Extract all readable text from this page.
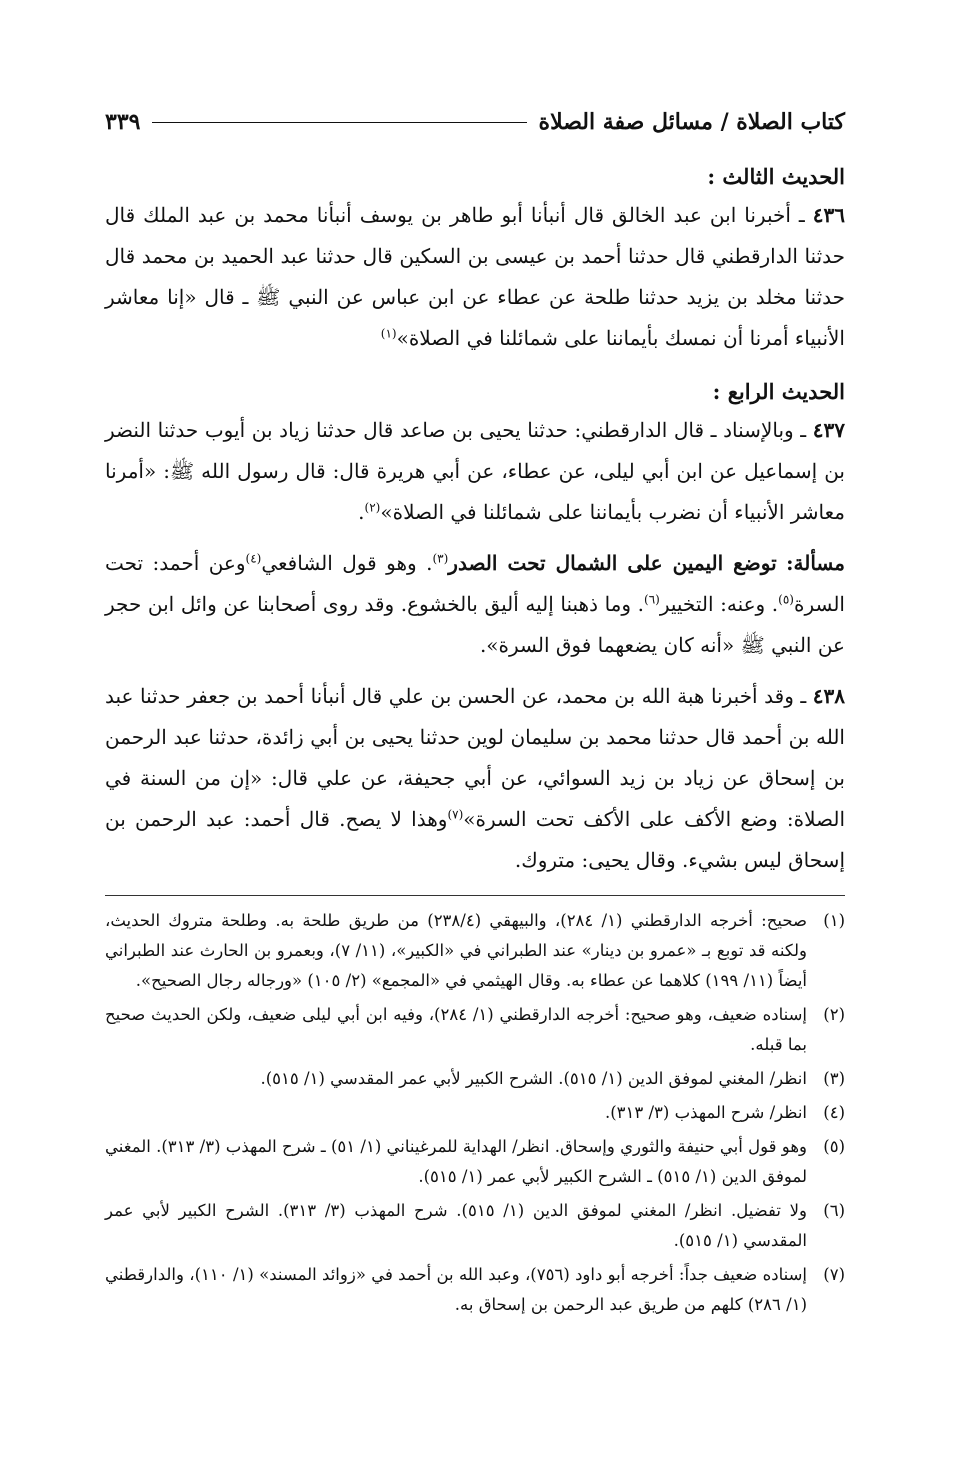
كتاب الصلاة / مسائل صفة الصلاة
٣٣٩
الحديث الثالث :

٤٣٦ ـ أخبرنا ابن عبد الخالق قال أنبأنا أبو طاهر بن يوسف أنبأنا محمد بن عبد الملك قال حدثنا الدارقطني قال حدثنا أحمد بن عيسى بن السكين قال حدثنا عبد الحميد بن محمد قال حدثنا مخلد بن يزيد حدثنا طلحة عن عطاء عن ابن عباس عن النبي ﷺ ـ قال «إنا معاشر الأنبياء أمرنا أن نمسك بأيماننا على شمائلنا في الصلاة»$^{(١)}$

الحديث الرابع :

٤٣٧ ـ وبالإسناد ـ قال الدارقطني: حدثنا يحيى بن صاعد قال حدثنا زياد بن أيوب حدثنا النضر بن إسماعيل عن ابن أبي ليلى، عن عطاء، عن أبي هريرة قال: قال رسول الله ﷺ: «أمرنا معاشر الأنبياء أن نضرب بأيماننا على شمائلنا في الصلاة»$^{(٢)}$.

مسألة: توضع اليمين على الشمال تحت الصدر$^{(٣)}$. وهو قول الشافعي$^{(٤)}$وعن أحمد: تحت السرة$^{(٥)}$. وعنه: التخيير$^{(٦)}$. وما ذهبنا إليه أليق بالخشوع. وقد روى أصحابنا عن وائل ابن حجر عن النبي ﷺ «أنه كان يضعهما فوق السرة».

٤٣٨ ـ وقد أخبرنا هبة الله بن محمد، عن الحسن بن علي قال أنبأنا أحمد بن جعفر حدثنا عبد الله بن أحمد قال حدثنا محمد بن سليمان لوين حدثنا يحيى بن أبي زائدة، حدثنا عبد الرحمن بن إسحاق عن زياد بن زيد السوائي، عن أبي جحيفة، عن علي قال: «إن من السنة في الصلاة: وضع الأكف على الأكف تحت السرة»$^{(٧)}$وهذا لا يصح. قال أحمد: عبد الرحمن بن إسحاق ليس بشيء. وقال يحيى: متروك.

(١)
صحيح: أخرجه الدارقطني (١/ ٢٨٤)، والبيهقي (٢٣٨/٤) من طريق طلحة به. وطلحة متروك الحديث، ولكنه قد توبع بـ «عمرو بن دينار» عند الطبراني في «الكبير»، (١١/ ٧)، وبعمرو بن الحارث عند الطبراني أيضاً (١١/ ١٩٩) كلاهما عن عطاء به. وقال الهيثمي في «المجمع» (٢/ ١٠٥) «ورجاله رجال الصحيح».
(٢)
إسناده ضعيف، وهو صحيح: أخرجه الدارقطني (١/ ٢٨٤)، وفيه ابن أبي ليلى ضعيف، ولكن الحديث صحيح بما قبله.
(٣)
انظر/ المغني لموفق الدين (١/ ٥١٥). الشرح الكبير لأبي عمر المقدسي (١/ ٥١٥).
(٤)
انظر/ شرح المهذب (٣/ ٣١٣).
(٥)
وهو قول أبي حنيفة والثوري وإسحاق. انظر/ الهداية للمرغيناني (١/ ٥١) ـ شرح المهذب (٣/ ٣١٣). المغني لموفق الدين (١/ ٥١٥) ـ الشرح الكبير لأبي عمر (١/ ٥١٥).
(٦)
ولا تفضيل. انظر/ المغني لموفق الدين (١/ ٥١٥). شرح المهذب (٣/ ٣١٣). الشرح الكبير لأبي عمر المقدسي (١/ ٥١٥).
(٧)
إسناده ضعيف جداً: أخرجه أبو داود (٧٥٦)، وعبد الله بن أحمد في «زوائد المسند» (١/ ١١٠)، والدارقطني (١/ ٢٨٦) كلهم من طريق عبد الرحمن بن إسحاق به.
